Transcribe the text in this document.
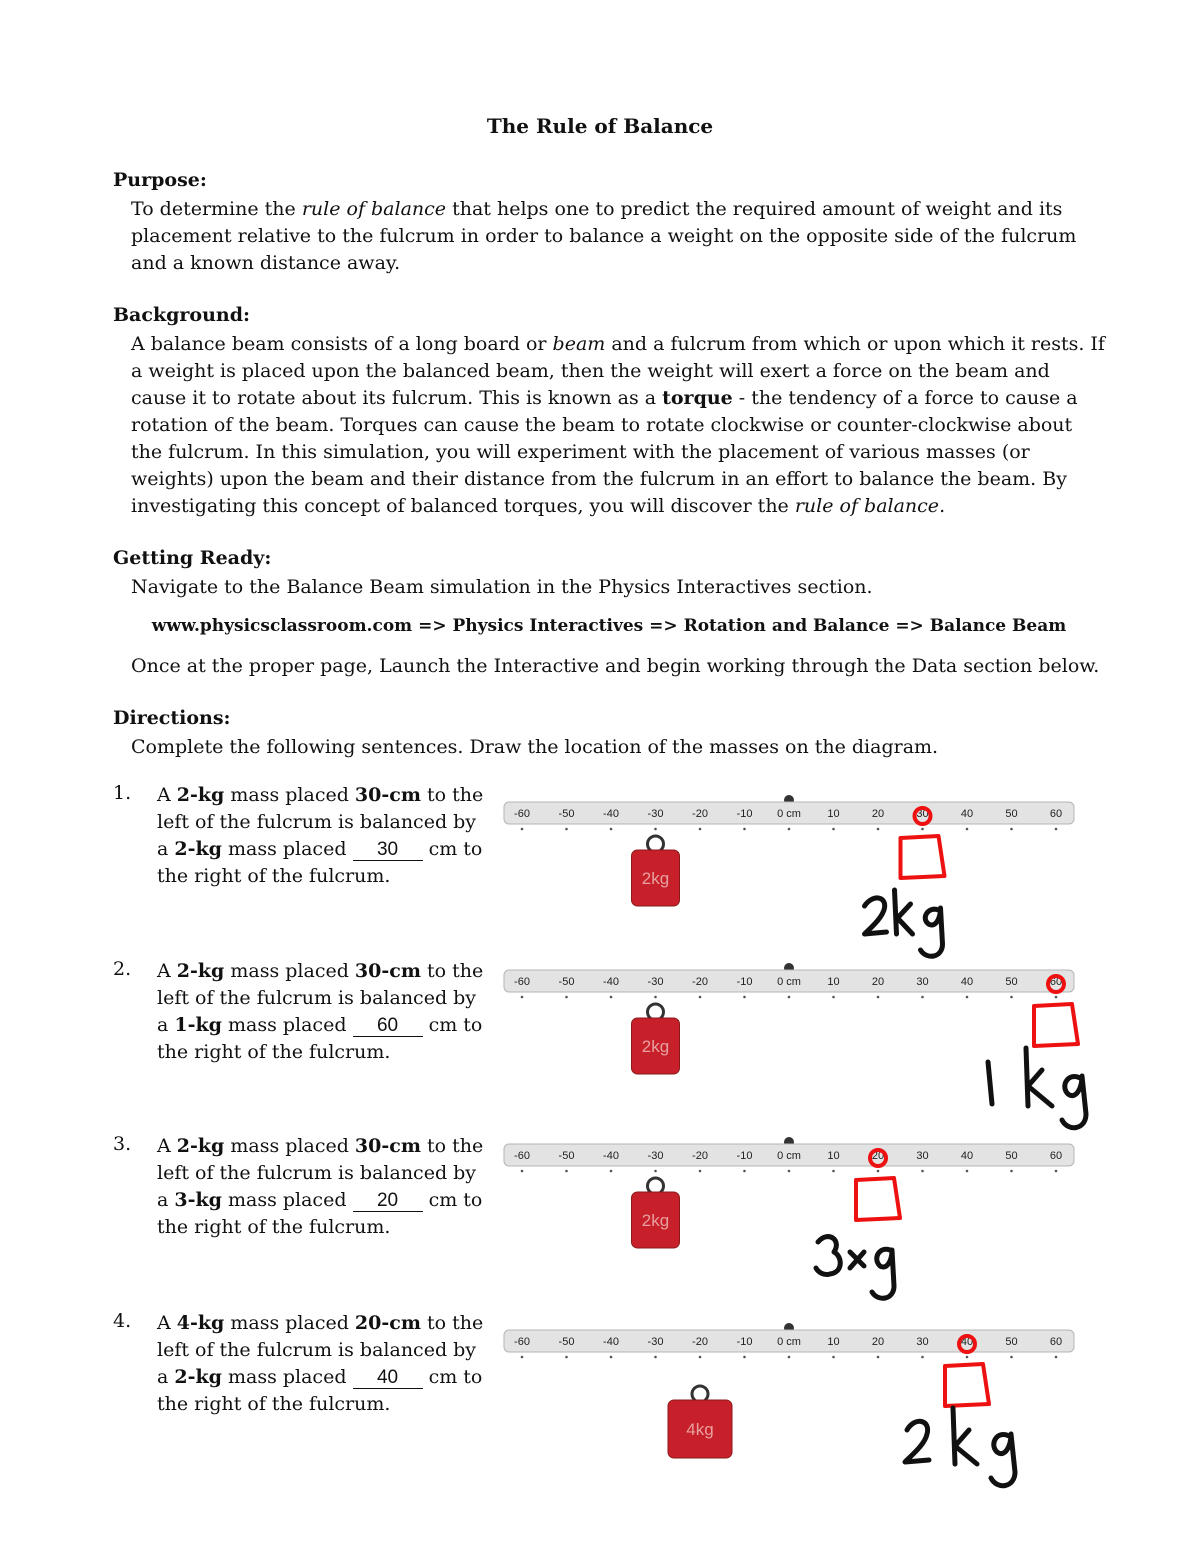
The Rule of Balance
Purpose:
To determine the rule of balance that helps one to predict the required amount of weight and its placement relative to the fulcrum in order to balance a weight on the opposite side of the fulcrum and a known distance away.
Background:
A balance beam consists of a long board or beam and a fulcrum from which or upon which it rests. If a weight is placed upon the balanced beam, then the weight will exert a force on the beam and cause it to rotate about its fulcrum. This is known as a torque - the tendency of a force to cause a rotation of the beam. Torques can cause the beam to rotate clockwise or counter-clockwise about the fulcrum. In this simulation, you will experiment with the placement of various masses (or weights) upon the beam and their distance from the fulcrum in an effort to balance the beam. By investigating this concept of balanced torques, you will discover the rule of balance.
Getting Ready:
Navigate to the Balance Beam simulation in the Physics Interactives section.
www.physicsclassroom.com => Physics Interactives => Rotation and Balance => Balance Beam
Once at the proper page, Launch the Interactive and begin working through the Data section below.
Directions:
Complete the following sentences. Draw the location of the masses on the diagram.
1. A 2-kg mass placed 30-cm to the left of the fulcrum is balanced by a 2-kg mass placed 30 cm to the right of the fulcrum.
-60	-50	-40	-30	-20	-10 0 cm 10	20	30	40	50	60
2kg
2. A 2-kg mass placed 30-cm to the left of the fulcrum is balanced by a 1-kg mass placed 60 cm to the right of the fulcrum.
-60	-50	-40	-30	-20	-10 0 cm 10	20	30	40	50	60
2kg
3. A 2-kg mass placed 30-cm to the left of the fulcrum is balanced by a 3-kg mass placed 20 cm to the right of the fulcrum.
-60	-50	-40	-30	-20	-10 0 cm 10	20	30	40	50	60
2kg
4. A 4-kg mass placed 20-cm to the left of the fulcrum is balanced by a 2-kg mass placed 40 cm to the right of the fulcrum.
-60	-50	-40	-30	-20	-10 0 cm 10	20	30	40	50	60
4kg
